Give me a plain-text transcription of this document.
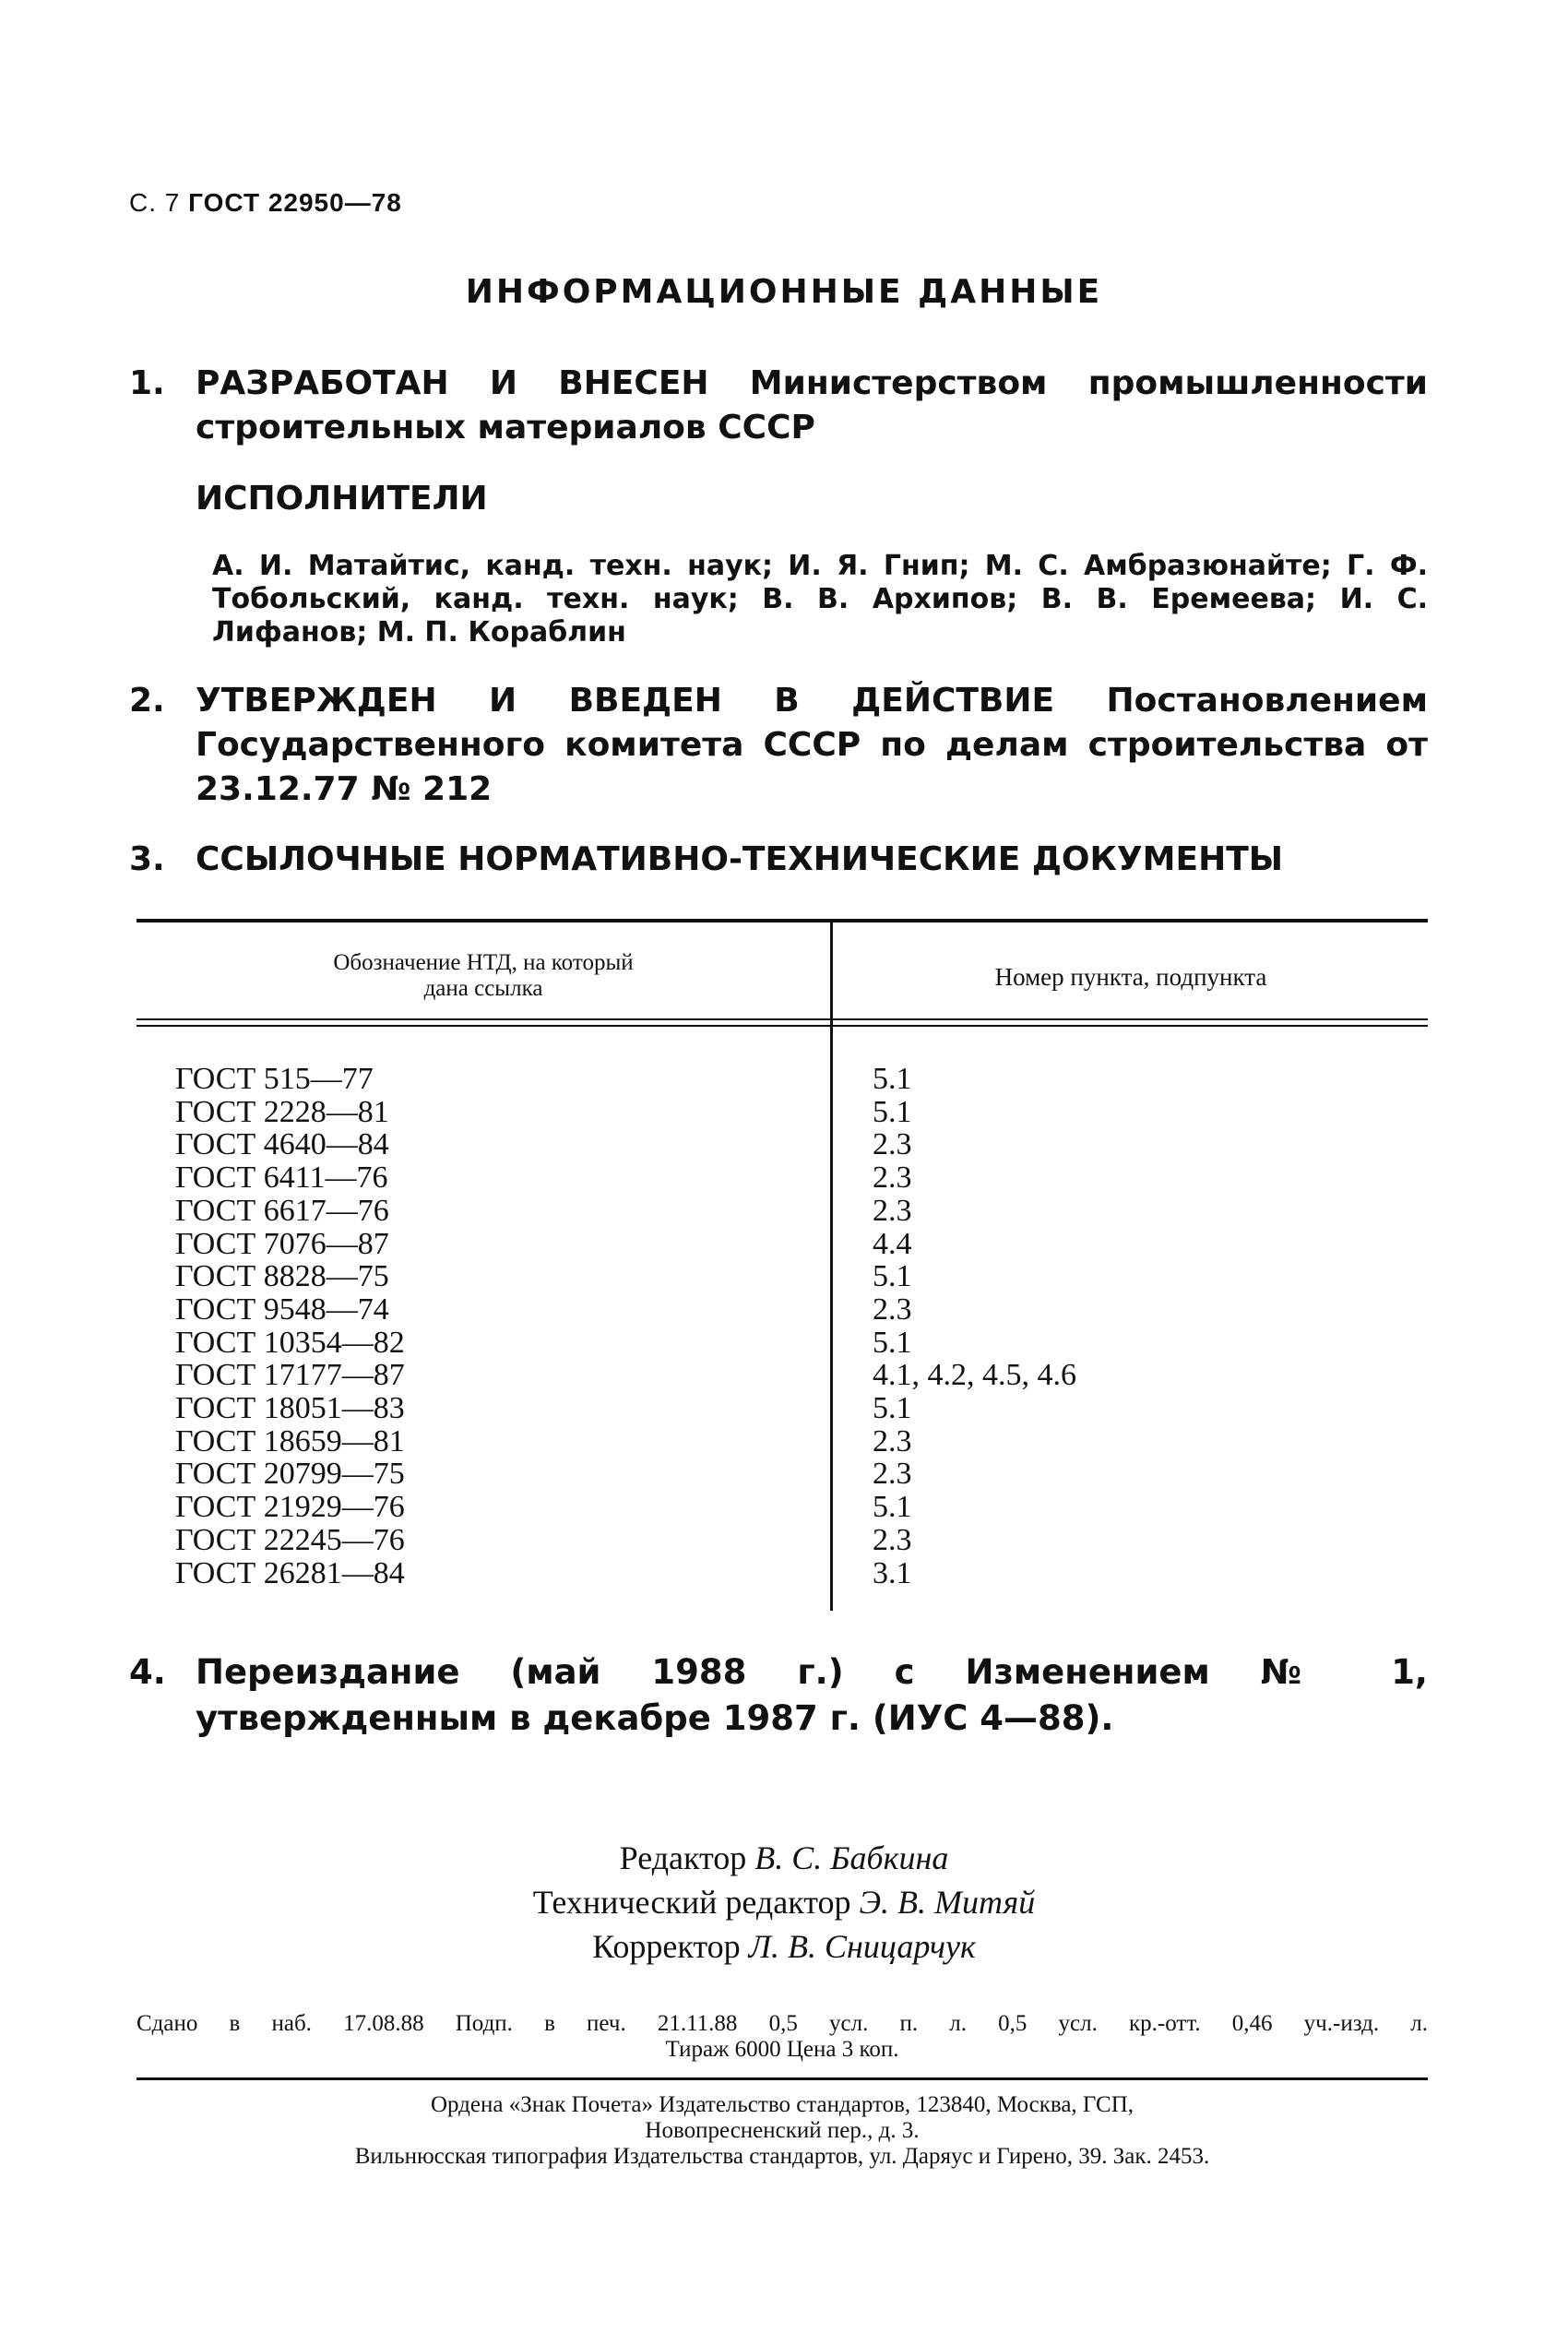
С. 7 ГОСТ 22950—78
ИНФОРМАЦИОННЫЕ ДАННЫЕ
1. РАЗРАБОТАН И ВНЕСЕН Министерством промышленности строительных материалов СССР
ИСПОЛНИТЕЛИ
А. И. Матайтис, канд. техн. наук; И. Я. Гнип; М. С. Амбразюнайте; Г. Ф. Тобольский, канд. техн. наук; В. В. Архипов; В. В. Еремеева; И. С. Лифанов; М. П. Кораблин
2. УТВЕРЖДЕН И ВВЕДЕН В ДЕЙСТВИЕ Постановлением Государственного комитета СССР по делам строительства от 23.12.77 № 212
3. ССЫЛОЧНЫЕ НОРМАТИВНО-ТЕХНИЧЕСКИЕ ДОКУМЕНТЫ
Обозначение НТД, на который
дана ссылка	Номер пункта, подпункта
ГОСТ 515—77
ГОСТ 2228—81
ГОСТ 4640—84
ГОСТ 6411—76
ГОСТ 6617—76
ГОСТ 7076—87
ГОСТ 8828—75
ГОСТ 9548—74
ГОСТ 10354—82
ГОСТ 17177—87
ГОСТ 18051—83
ГОСТ 18659—81
ГОСТ 20799—75
ГОСТ 21929—76
ГОСТ 22245—76
ГОСТ 26281—84
5.1
5.1
2.3
2.3
2.3
4.4
5.1
2.3
5.1
4.1, 4.2, 4.5, 4.6
5.1
2.3
2.3
5.1
2.3
3.1
4. Переиздание (май 1988 г.) с Изменением № 1, утвержденным в декабре 1987 г. (ИУС 4—88).
Редактор В. С. Бабкина
Технический редактор Э. В. Митяй
Корректор Л. В. Сницарчук
Сдано в наб. 17.08.88 Подп. в печ. 21.11.88 0,5 усл. п. л. 0,5 усл. кр.-отт. 0,46 уч.-изд. л.
Тираж 6000 Цена 3 коп.
Ордена «Знак Почета» Издательство стандартов, 123840, Москва, ГСП,
Новопресненский пер., д. 3.
Вильнюсская типография Издательства стандартов, ул. Даряус и Гирено, 39. Зак. 2453.
